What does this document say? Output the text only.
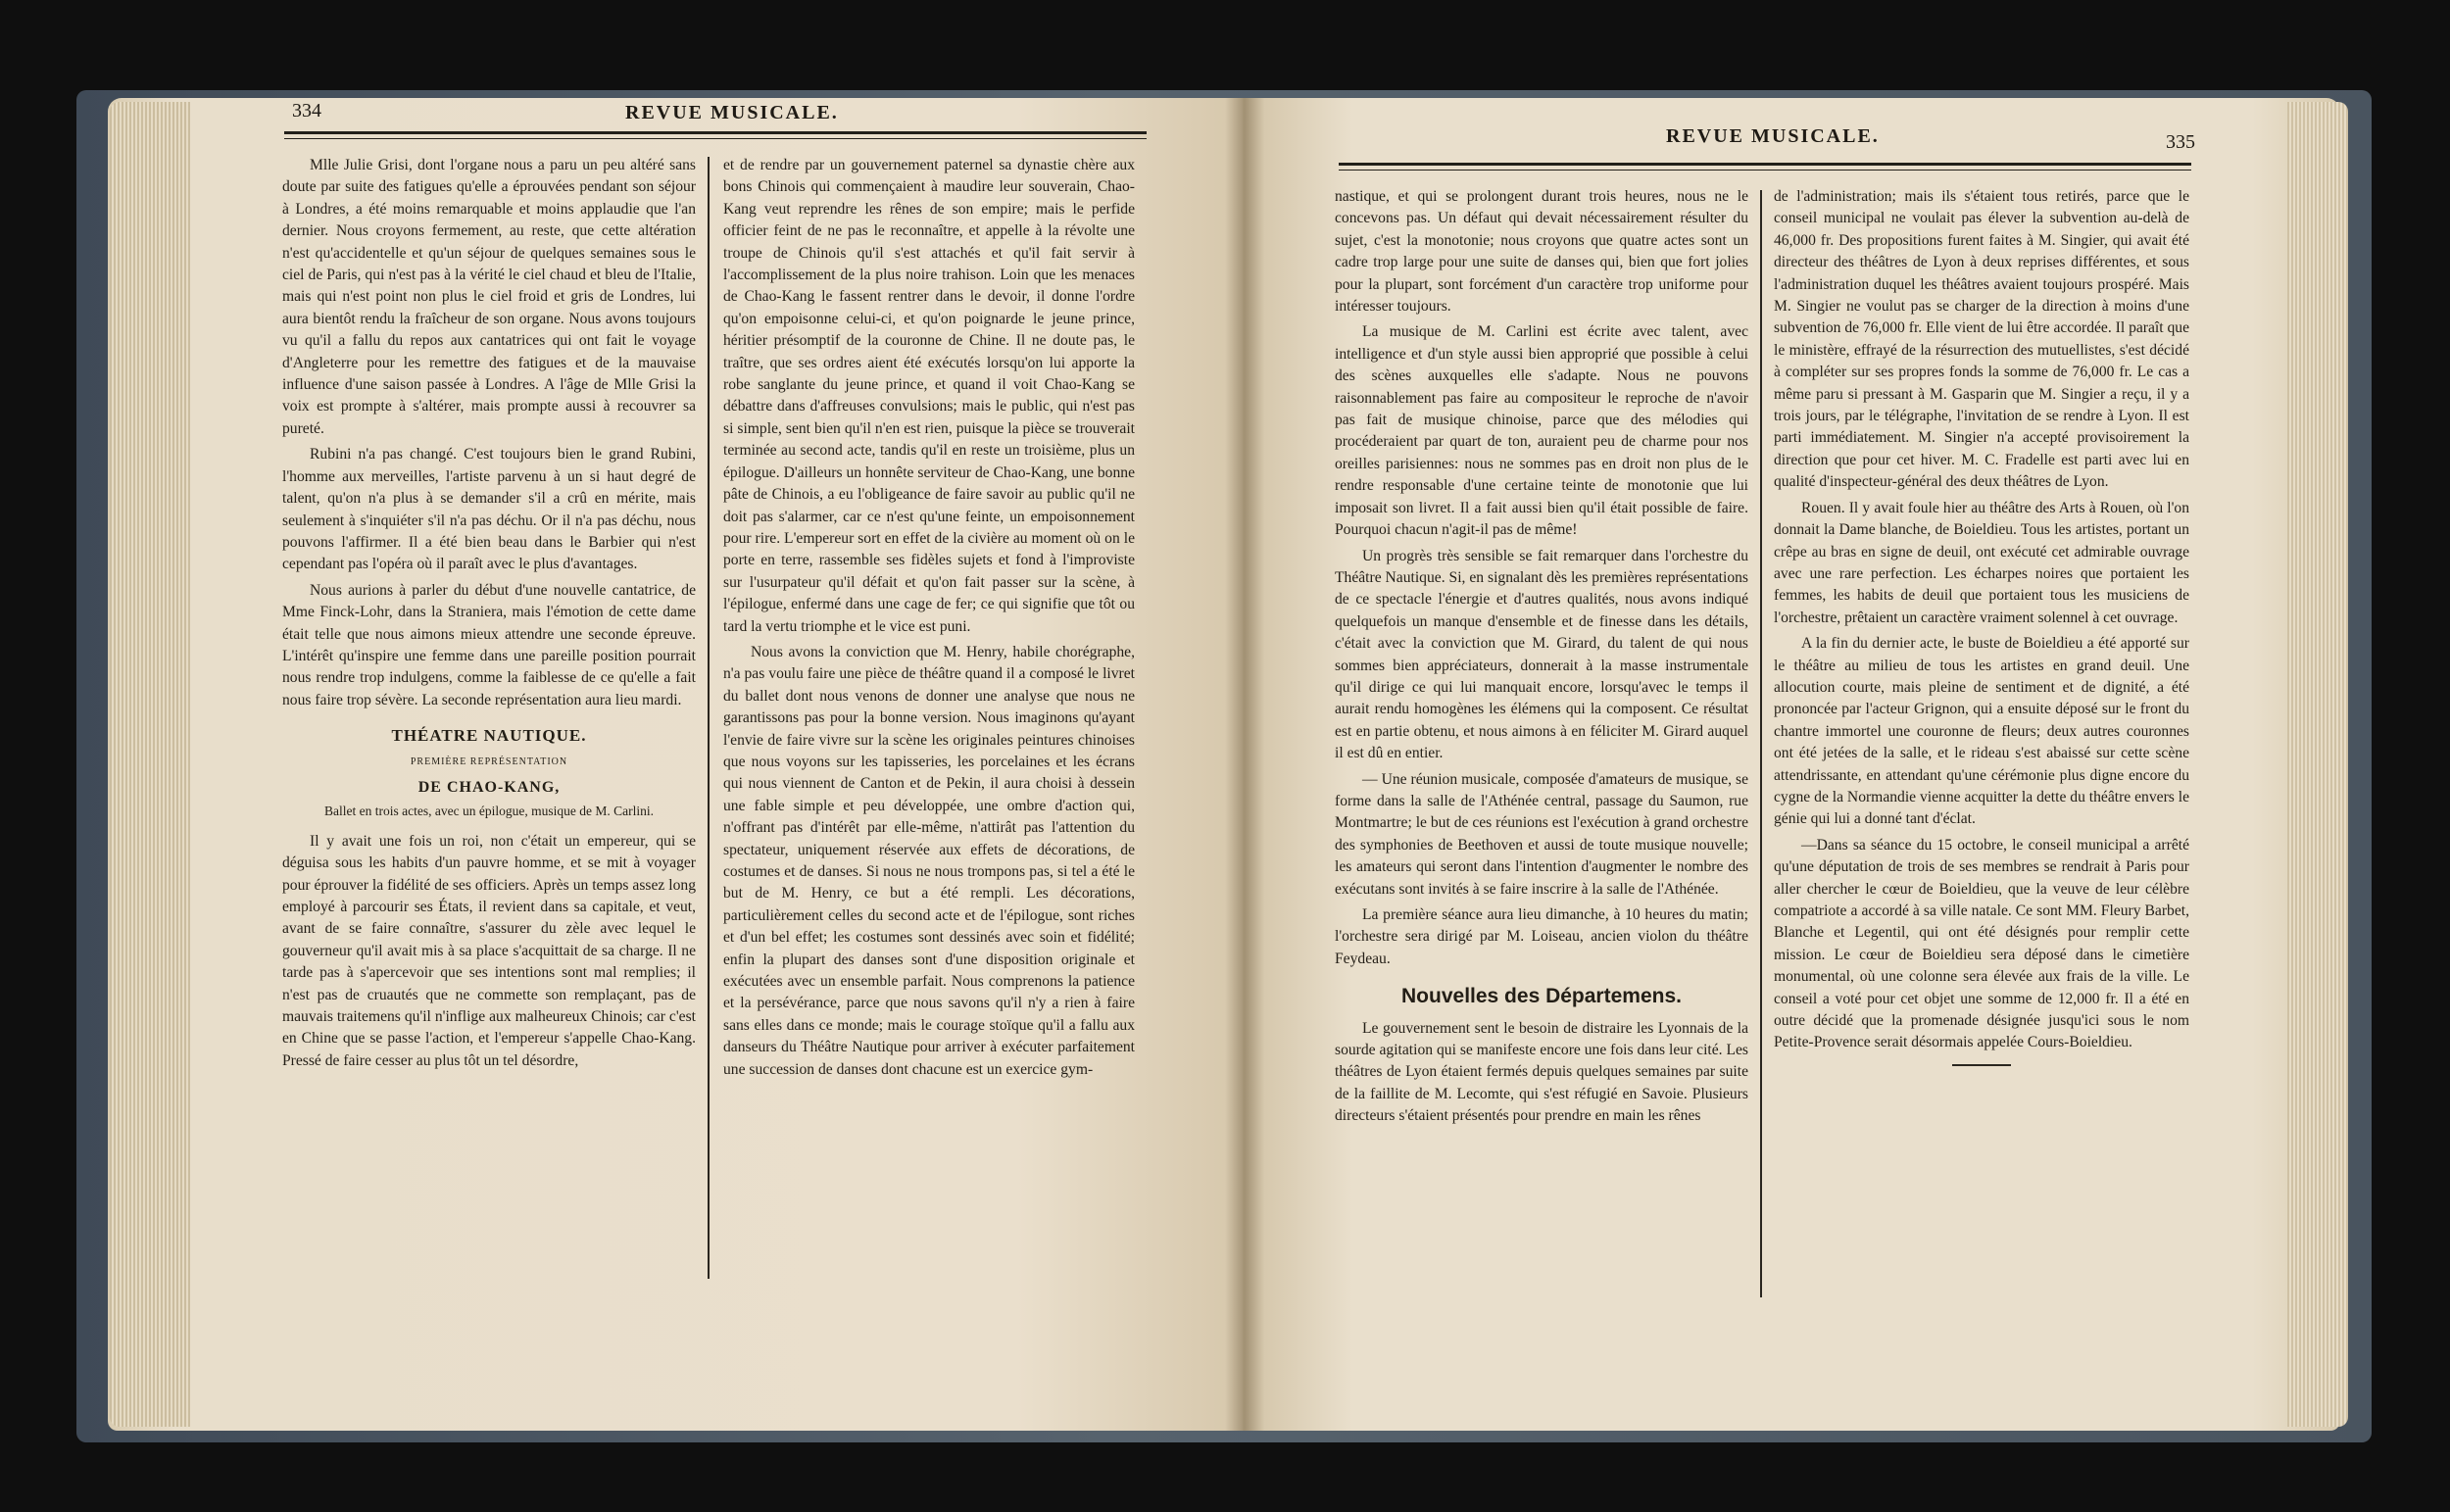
334	REVUE MUSICALE.

Mlle Julie Grisi, dont l'organe nous a paru un peu altéré sans doute par suite des fatigues qu'elle a éprouvées pendant son séjour à Londres, a été moins remarquable et moins applaudie que l'an dernier. Nous croyons fermement, au reste, que cette altération n'est qu'accidentelle et qu'un séjour de quelques semaines sous le ciel de Paris, qui n'est pas à la vérité le ciel chaud et bleu de l'Italie, mais qui n'est point non plus le ciel froid et gris de Londres, lui aura bientôt rendu la fraîcheur de son organe. Nous avons toujours vu qu'il a fallu du repos aux cantatrices qui ont fait le voyage d'Angleterre pour les remettre des fatigues et de la mauvaise influence d'une saison passée à Londres. A l'âge de Mlle Grisi la voix est prompte à s'altérer, mais prompte aussi à recouvrer sa pureté.

Rubini n'a pas changé. C'est toujours bien le grand Rubini, l'homme aux merveilles, l'artiste parvenu à un si haut degré de talent, qu'on n'a plus à se demander s'il a crû en mérite, mais seulement à s'inquiéter s'il n'a pas déchu. Or il n'a pas déchu, nous pouvons l'affirmer. Il a été bien beau dans le Barbier qui n'est cependant pas l'opéra où il paraît avec le plus d'avantages.

Nous aurions à parler du début d'une nouvelle cantatrice, de Mme Finck-Lohr, dans la Straniera, mais l'émotion de cette dame était telle que nous aimons mieux attendre une seconde épreuve. L'intérêt qu'inspire une femme dans une pareille position pourrait nous rendre trop indulgens, comme la faiblesse de ce qu'elle a fait nous faire trop sévère. La seconde représentation aura lieu mardi.

THÉATRE NAUTIQUE.
PREMIÈRE REPRÉSENTATION
DE CHAO-KANG,
Ballet en trois actes, avec un épilogue, musique de M. Carlini.

Il y avait une fois un roi, non c'était un empereur, qui se déguisa sous les habits d'un pauvre homme, et se mit à voyager pour éprouver la fidélité de ses officiers. Après un temps assez long employé à parcourir ses États, il revient dans sa capitale, et veut, avant de se faire connaître, s'assurer du zèle avec lequel le gouverneur qu'il avait mis à sa place s'acquittait de sa charge. Il ne tarde pas à s'apercevoir que ses intentions sont mal remplies; il n'est pas de cruautés que ne commette son remplaçant, pas de mauvais traitemens qu'il n'inflige aux malheureux Chinois; car c'est en Chine que se passe l'action, et l'empereur s'appelle Chao-Kang. Pressé de faire cesser au plus tôt un tel désordre,

et de rendre par un gouvernement paternel sa dynastie chère aux bons Chinois qui commençaient à maudire leur souverain, Chao-Kang veut reprendre les rênes de son empire; mais le perfide officier feint de ne pas le reconnaître, et appelle à la révolte une troupe de Chinois qu'il s'est attachés et qu'il fait servir à l'accomplissement de la plus noire trahison. Loin que les menaces de Chao-Kang le fassent rentrer dans le devoir, il donne l'ordre qu'on empoisonne celui-ci, et qu'on poignarde le jeune prince, héritier présomptif de la couronne de Chine. Il ne doute pas, le traître, que ses ordres aient été exécutés lorsqu'on lui apporte la robe sanglante du jeune prince, et quand il voit Chao-Kang se débattre dans d'affreuses convulsions; mais le public, qui n'est pas si simple, sent bien qu'il n'en est rien, puisque la pièce se trouverait terminée au second acte, tandis qu'il en reste un troisième, plus un épilogue. D'ailleurs un honnête serviteur de Chao-Kang, une bonne pâte de Chinois, a eu l'obligeance de faire savoir au public qu'il ne doit pas s'alarmer, car ce n'est qu'une feinte, un empoisonnement pour rire. L'empereur sort en effet de la civière au moment où on le porte en terre, rassemble ses fidèles sujets et fond à l'improviste sur l'usurpateur qu'il défait et qu'on fait passer sur la scène, à l'épilogue, enfermé dans une cage de fer; ce qui signifie que tôt ou tard la vertu triomphe et le vice est puni.

Nous avons la conviction que M. Henry, habile chorégraphe, n'a pas voulu faire une pièce de théâtre quand il a composé le livret du ballet dont nous venons de donner une analyse que nous ne garantissons pas pour la bonne version. Nous imaginons qu'ayant l'envie de faire vivre sur la scène les originales peintures chinoises que nous voyons sur les tapisseries, les porcelaines et les écrans qui nous viennent de Canton et de Pekin, il aura choisi à dessein une fable simple et peu développée, une ombre d'action qui, n'offrant pas d'intérêt par elle-même, n'attirât pas l'attention du spectateur, uniquement réservée aux effets de décorations, de costumes et de danses. Si nous ne nous trompons pas, si tel a été le but de M. Henry, ce but a été rempli. Les décorations, particulièrement celles du second acte et de l'épilogue, sont riches et d'un bel effet; les costumes sont dessinés avec soin et fidélité; enfin la plupart des danses sont d'une disposition originale et exécutées avec un ensemble parfait. Nous comprenons la patience et la persévérance, parce que nous savons qu'il n'y a rien à faire sans elles dans ce monde; mais le courage stoïque qu'il a fallu aux danseurs du Théâtre Nautique pour arriver à exécuter parfaitement une succession de danses dont chacune est un exercice gym-

REVUE MUSICALE.	335

nastique, et qui se prolongent durant trois heures, nous ne le concevons pas. Un défaut qui devait nécessairement résulter du sujet, c'est la monotonie; nous croyons que quatre actes sont un cadre trop large pour une suite de danses qui, bien que fort jolies pour la plupart, sont forcément d'un caractère trop uniforme pour intéresser toujours.

La musique de M. Carlini est écrite avec talent, avec intelligence et d'un style aussi bien approprié que possible à celui des scènes auxquelles elle s'adapte. Nous ne pouvons raisonnablement pas faire au compositeur le reproche de n'avoir pas fait de musique chinoise, parce que des mélodies qui procéderaient par quart de ton, auraient peu de charme pour nos oreilles parisiennes: nous ne sommes pas en droit non plus de le rendre responsable d'une certaine teinte de monotonie que lui imposait son livret. Il a fait aussi bien qu'il était possible de faire. Pourquoi chacun n'agit-il pas de même!

Un progrès très sensible se fait remarquer dans l'orchestre du Théâtre Nautique. Si, en signalant dès les premières représentations de ce spectacle l'énergie et d'autres qualités, nous avons indiqué quelquefois un manque d'ensemble et de finesse dans les détails, c'était avec la conviction que M. Girard, du talent de qui nous sommes bien appréciateurs, donnerait à la masse instrumentale qu'il dirige ce qui lui manquait encore, lorsqu'avec le temps il aurait rendu homogènes les élémens qui la composent. Ce résultat est en partie obtenu, et nous aimons à en féliciter M. Girard auquel il est dû en entier.

— Une réunion musicale, composée d'amateurs de musique, se forme dans la salle de l'Athénée central, passage du Saumon, rue Montmartre; le but de ces réunions est l'exécution à grand orchestre des symphonies de Beethoven et aussi de toute musique nouvelle; les amateurs qui seront dans l'intention d'augmenter le nombre des exécutans sont invités à se faire inscrire à la salle de l'Athénée.

La première séance aura lieu dimanche, à 10 heures du matin; l'orchestre sera dirigé par M. Loiseau, ancien violon du théâtre Feydeau.

Nouvelles des Départemens.

Le gouvernement sent le besoin de distraire les Lyonnais de la sourde agitation qui se manifeste encore une fois dans leur cité. Les théâtres de Lyon étaient fermés depuis quelques semaines par suite de la faillite de M. Lecomte, qui s'est réfugié en Savoie. Plusieurs directeurs s'étaient présentés pour prendre en main les rênes

de l'administration; mais ils s'étaient tous retirés, parce que le conseil municipal ne voulait pas élever la subvention au-delà de 46,000 fr. Des propositions furent faites à M. Singier, qui avait été directeur des théâtres de Lyon à deux reprises différentes, et sous l'administration duquel les théâtres avaient toujours prospéré. Mais M. Singier ne voulut pas se charger de la direction à moins d'une subvention de 76,000 fr. Elle vient de lui être accordée. Il paraît que le ministère, effrayé de la résurrection des mutuellistes, s'est décidé à compléter sur ses propres fonds la somme de 76,000 fr. Le cas a même paru si pressant à M. Gasparin que M. Singier a reçu, il y a trois jours, par le télégraphe, l'invitation de se rendre à Lyon. Il est parti immédiatement. M. Singier n'a accepté provisoirement la direction que pour cet hiver. M. C. Fradelle est parti avec lui en qualité d'inspecteur-général des deux théâtres de Lyon.

Rouen. Il y avait foule hier au théâtre des Arts à Rouen, où l'on donnait la Dame blanche, de Boieldieu. Tous les artistes, portant un crêpe au bras en signe de deuil, ont exécuté cet admirable ouvrage avec une rare perfection. Les écharpes noires que portaient les femmes, les habits de deuil que portaient tous les musiciens de l'orchestre, prêtaient un caractère vraiment solennel à cet ouvrage.

A la fin du dernier acte, le buste de Boieldieu a été apporté sur le théâtre au milieu de tous les artistes en grand deuil. Une allocution courte, mais pleine de sentiment et de dignité, a été prononcée par l'acteur Grignon, qui a ensuite déposé sur le front du chantre immortel une couronne de fleurs; deux autres couronnes ont été jetées de la salle, et le rideau s'est abaissé sur cette scène attendrissante, en attendant qu'une cérémonie plus digne encore du cygne de la Normandie vienne acquitter la dette du théâtre envers le génie qui lui a donné tant d'éclat.

—Dans sa séance du 15 octobre, le conseil municipal a arrêté qu'une députation de trois de ses membres se rendrait à Paris pour aller chercher le cœur de Boieldieu, que la veuve de leur célèbre compatriote a accordé à sa ville natale. Ce sont MM. Fleury Barbet, Blanche et Legentil, qui ont été désignés pour remplir cette mission. Le cœur de Boieldieu sera déposé dans le cimetière monumental, où une colonne sera élevée aux frais de la ville. Le conseil a voté pour cet objet une somme de 12,000 fr. Il a été en outre décidé que la promenade désignée jusqu'ici sous le nom Petite-Provence serait désormais appelée Cours-Boieldieu.
